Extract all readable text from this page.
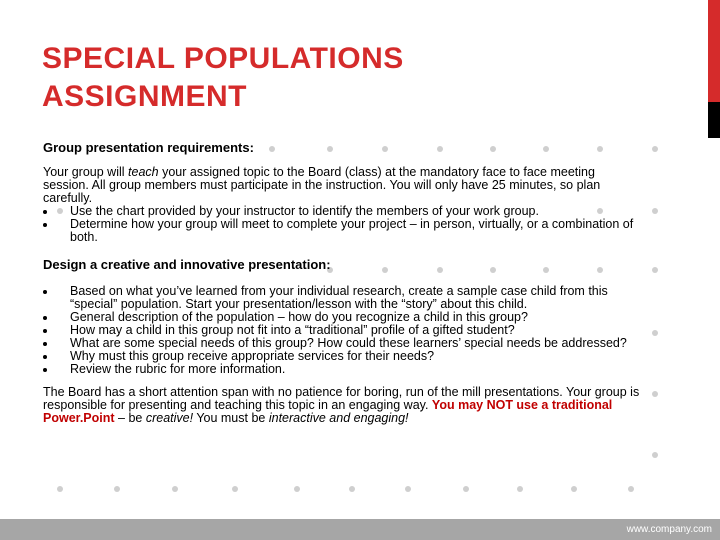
SPECIAL POPULATIONS
ASSIGNMENT

Group presentation requirements:

Your group will teach your assigned topic to the Board (class) at the mandatory face to face meeting session. All group members must participate in the instruction. You will only have 25 minutes, so plan carefully.

Use the chart provided by your instructor to identify the members of your work group.
Determine how your group will meet to complete your project – in person, virtually, or a combination of both.

Design a creative and innovative presentation:

Based on what you’ve learned from your individual research, create a sample case child from this “special” population. Start your presentation/lesson with the “story” about this child.
General description of the population – how do you recognize a child in this group?
How may a child in this group not fit into a “traditional” profile of a gifted student?
What are some special needs of this group? How could these learners’ special needs be addressed?
Why must this group receive appropriate services for their needs?
Review the rubric for more information.

The Board has a short attention span with no patience for boring, run of the mill presentations. Your group is responsible for presenting and teaching this topic in an engaging way. You may NOT use a traditional Power.Point – be creative! You must be interactive and engaging!

www.company.com
